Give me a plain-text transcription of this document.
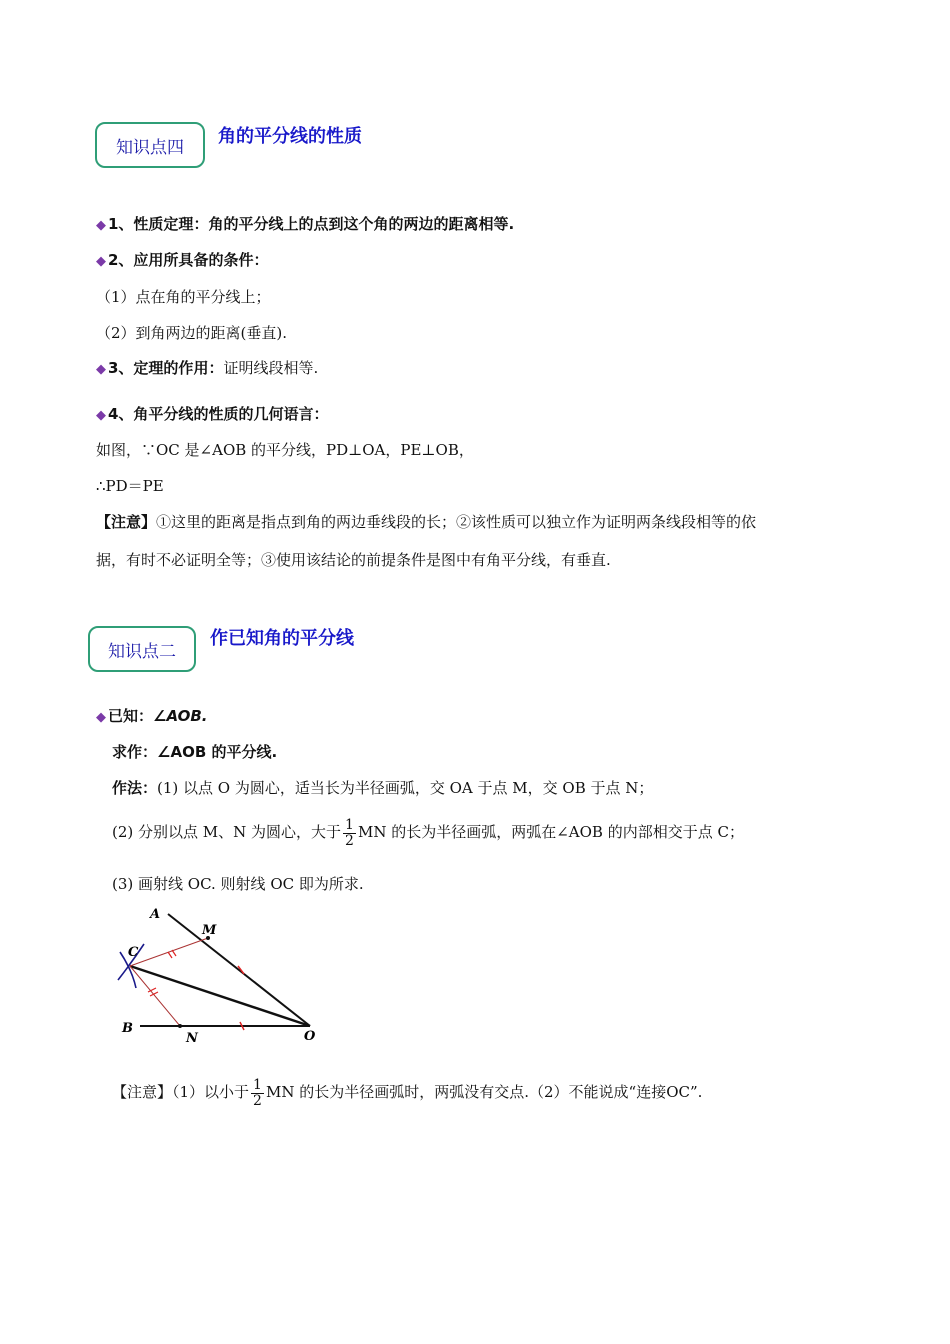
知识点四
角的平分线的性质
◆ 1、性质定理：角的平分线上的点到这个角的两边的距离相等.
◆ 2、应用所具备的条件：
（1）点在角的平分线上；
（2）到角两边的距离(垂直).
◆ 3、定理的作用：证明线段相等.
◆ 4、角平分线的性质的几何语言：
如图，∵OC 是∠AOB 的平分线，PD⊥OA，PE⊥OB，
∴PD＝PE
【注意】①这里的距离是指点到角的两边垂线段的长；②该性质可以独立作为证明两条线段相等的依
据，有时不必证明全等；③使用该结论的前提条件是图中有角平分线，有垂直.
知识点二
作已知角的平分线
◆ 已知：∠AOB.
求作：∠AOB 的平分线.
作法：(1) 以点 O 为圆心，适当长为半径画弧，交 OA 于点 M，交 OB 于点 N；
(2) 分别以点 M、N 为圆心，大于 $\frac{1}{2}$ MN 的长为半径画弧，两弧在∠AOB 的内部相交于点 C；
(3) 画射线 OC. 则射线 OC 即为所求.
A
M
C
B
N	O
【注意】（1）以小于 $\frac{1}{2}$ MN 的长为半径画弧时，两弧没有交点.（2）不能说成“连接OC”.
